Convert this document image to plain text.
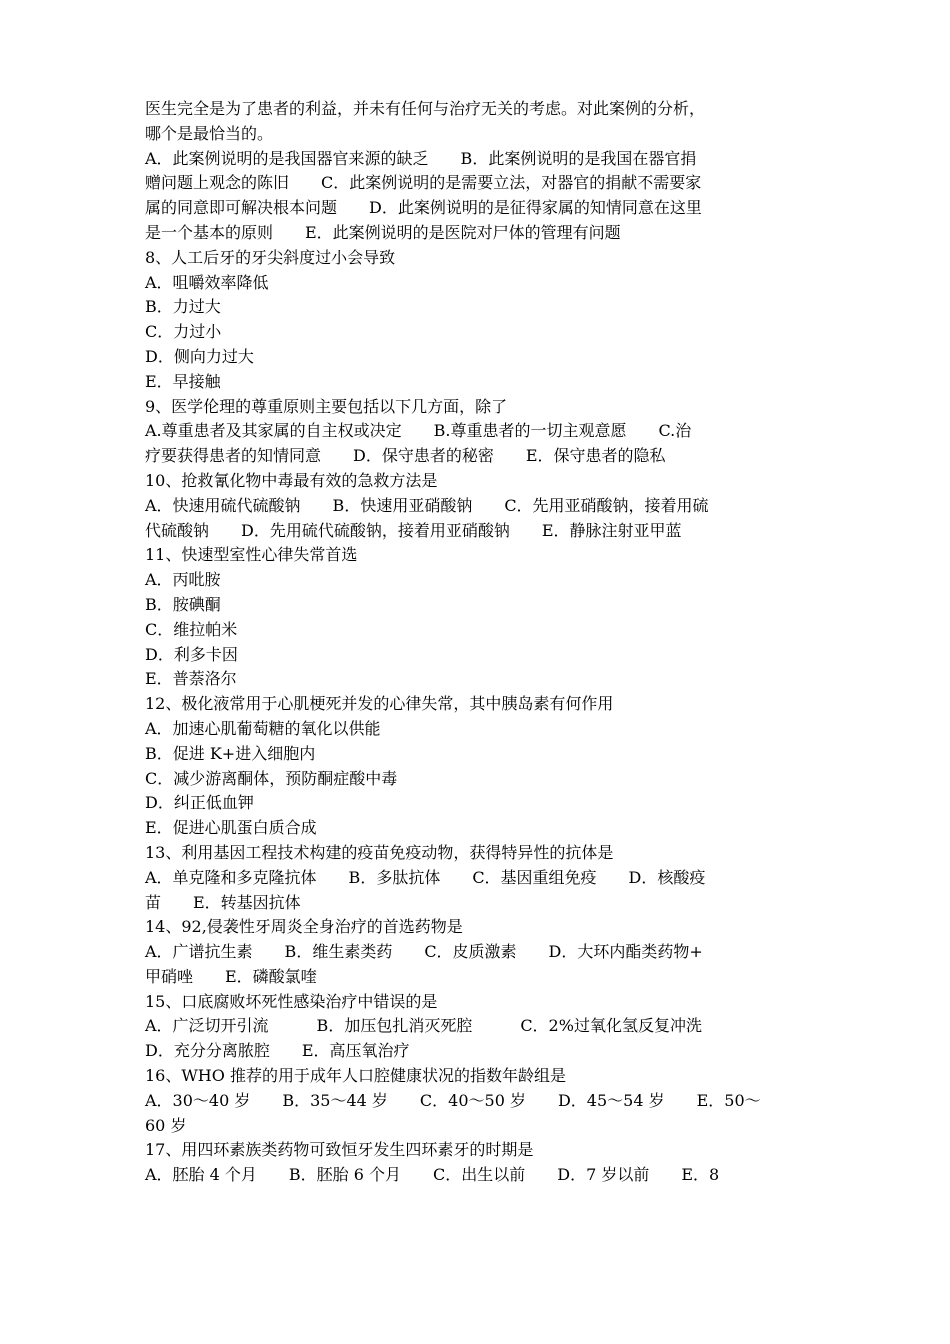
医生完全是为了患者的利益，并未有任何与治疗无关的考虑。对此案例的分析，
哪个是最恰当的。
A．此案例说明的是我国器官来源的缺乏　　B．此案例说明的是我国在器官捐
赠问题上观念的陈旧　　C．此案例说明的是需要立法，对器官的捐献不需要家
属的同意即可解决根本问题　　D．此案例说明的是征得家属的知情同意在这里
是一个基本的原则　　E．此案例说明的是医院对尸体的管理有问题
8、人工后牙的牙尖斜度过小会导致
A．咀嚼效率降低
B．力过大
C．力过小
D．侧向力过大
E．早接触
9、医学伦理的尊重原则主要包括以下几方面，除了
A.尊重患者及其家属的自主权或决定　　B.尊重患者的一切主观意愿　　C.治
疗要获得患者的知情同意　　D．保守患者的秘密　　E．保守患者的隐私
10、抢救氰化物中毒最有效的急救方法是
A．快速用硫代硫酸钠　　B．快速用亚硝酸钠　　C．先用亚硝酸钠，接着用硫
代硫酸钠　　D．先用硫代硫酸钠，接着用亚硝酸钠　　E．静脉注射亚甲蓝
11、快速型室性心律失常首选
A．丙吡胺
B．胺碘酮
C．维拉帕米
D．利多卡因
E．普萘洛尔
12、极化液常用于心肌梗死并发的心律失常，其中胰岛素有何作用
A．加速心肌葡萄糖的氧化以供能
B．促进 K+进入细胞内
C．减少游离酮体，预防酮症酸中毒
D．纠正低血钾
E．促进心肌蛋白质合成
13、利用基因工程技术构建的疫苗免疫动物，获得特异性的抗体是
A．单克隆和多克隆抗体　　B．多肽抗体　　C．基因重组免疫　　D．核酸疫
苗　　E．转基因抗体
14、92,侵袭性牙周炎全身治疗的首选药物是
A．广谱抗生素　　B．维生素类药　　C．皮质激素　　D．大环内酯类药物+
甲硝唑　　E．磷酸氯喹
15、口底腐败坏死性感染治疗中错误的是
A．广泛切开引流　　　B．加压包扎消灭死腔　　　C．2%过氧化氢反复冲洗
D．充分分离脓腔　　E．高压氧治疗
16、WHO 推荐的用于成年人口腔健康状况的指数年龄组是
A．30～40 岁　　B．35～44 岁　　C．40～50 岁　　D．45～54 岁　　E．50～
60 岁
17、用四环素族类药物可致恒牙发生四环素牙的时期是
A．胚胎 4 个月　　B．胚胎 6 个月　　C．出生以前　　D．7 岁以前　　E．8
